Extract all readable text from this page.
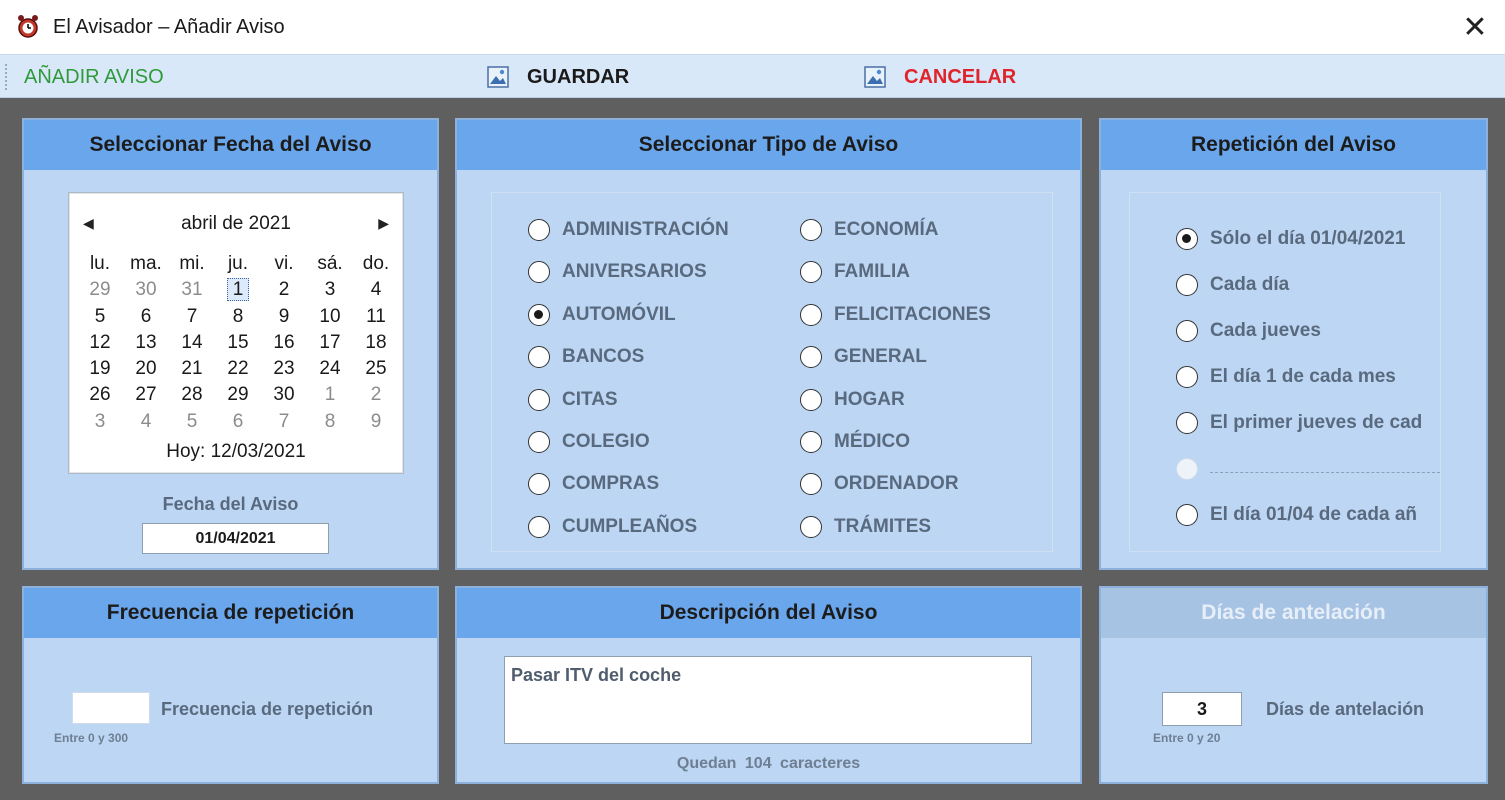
El Avisador – Añadir Aviso	✕
AÑADIR AVISO	GUARDAR	CANCELAR
Seleccionar Fecha del Aviso
◀	abril de 2021	▶
lu.	ma. mi.	ju.	vi.	sá.	do.
29	30	31	1	2	3	4
5	6	7	8	9	10	11
12	13	14	15	16	17	18
19	20	21	22	23	24	25
26	27	28	29	30	1	2
3	4	5	6	7	8	9
Hoy: 12/03/2021
Fecha del Aviso
01/04/2021
Seleccionar Tipo de Aviso
ADMINISTRACIÓN
ANIVERSARIOS
AUTOMÓVIL
BANCOS
CITAS
COLEGIO
COMPRAS
CUMPLEAÑOS
ECONOMÍA
FAMILIA
FELICITACIONES
GENERAL
HOGAR
MÉDICO
ORDENADOR
TRÁMITES
Repetición del Aviso
Sólo el día 01/04/2021
Cada día
Cada jueves
El día 1 de cada mes
El primer jueves de cad
El día 01/04 de cada añ
Frecuencia de repetición
Frecuencia de repetición
Entre 0 y 300
Descripción del Aviso
Pasar ITV del coche
Quedan 104 caracteres
Días de antelación
3	Días de antelación
Entre 0 y 20
